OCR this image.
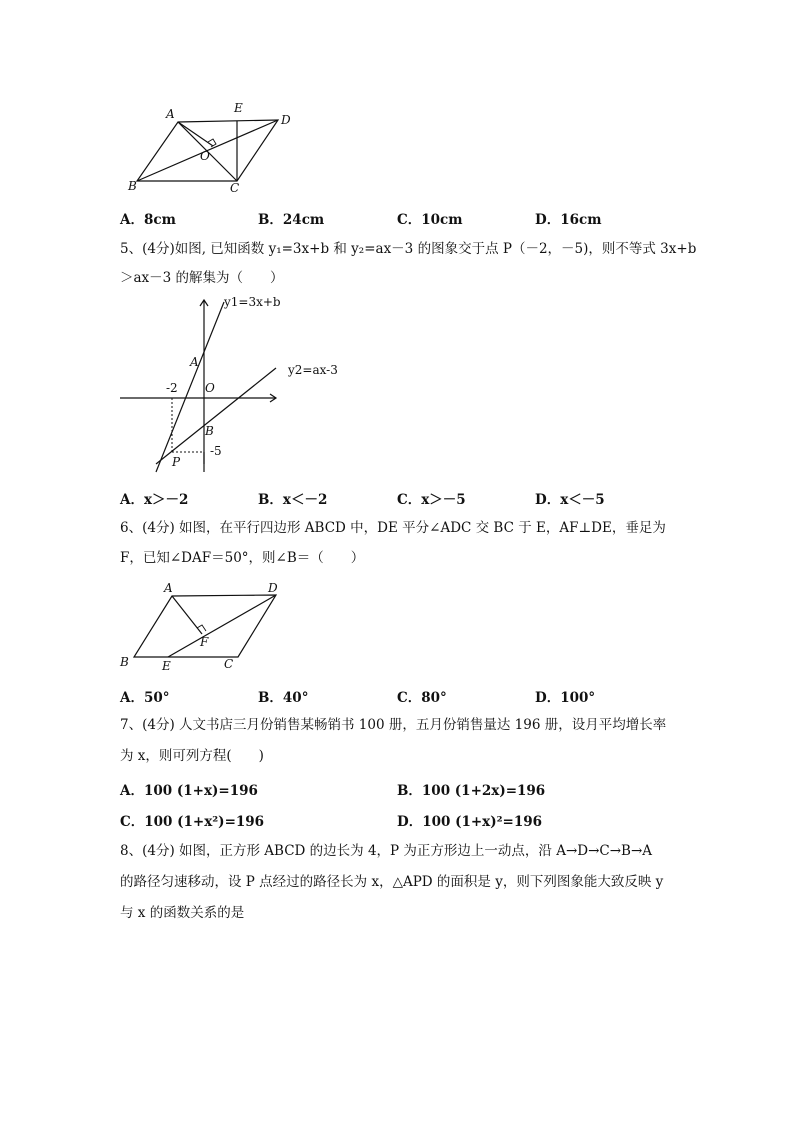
A	E
D
O
B	C
A．8cm	B．24cm	C．10cm	D．16cm
5、(4分)如图, 已知函数 y₁=3x+b 和 y₂=ax－3 的图象交于点 P（－2，－5)，则不等式 3x+b
＞ax－3 的解集为（　　）
y1=3x+b
y2=ax-3
A
O
B
P
-2
-5
A．x＞－2	B．x＜－2	C．x＞－5	D．x＜－5
6、(4分) 如图，在平行四边形 ABCD 中，DE 平分∠ADC 交 BC 于 E，AF⊥DE，垂足为
F，已知∠DAF＝50°，则∠B＝（　　）
A	D
F
B	E	C
A．50°	B．40°	C．80°	D．100°
7、(4分) 人文书店三月份销售某畅销书 100 册，五月份销售量达 196 册，设月平均增长率
为 x，则可列方程(　　)
A．100 (1+x)=196	B．100 (1+2x)=196
C．100 (1+x²)=196	D．100 (1+x)²=196
8、(4分) 如图，正方形 ABCD 的边长为 4，P 为正方形边上一动点，沿 A→D→C→B→A
的路径匀速移动，设 P 点经过的路径长为 x，△APD 的面积是 y，则下列图象能大致反映 y
与 x 的函数关系的是
